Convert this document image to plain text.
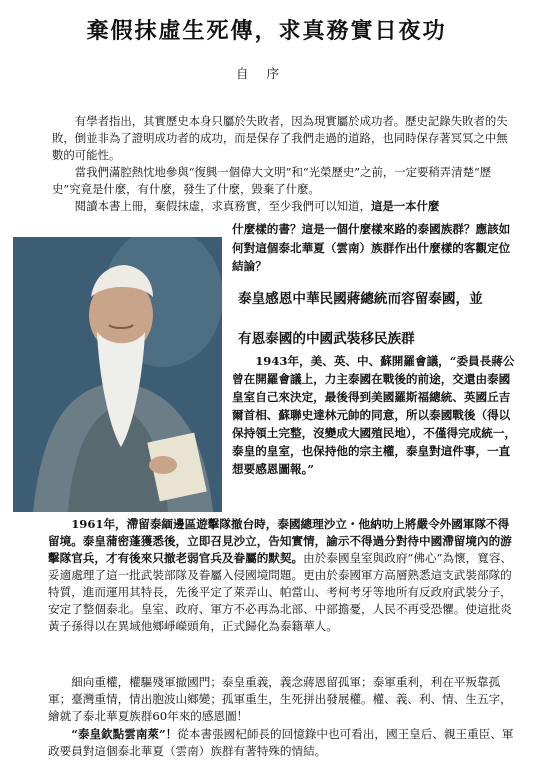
棄假抹虛生死傳，求真務實日夜功
自序

有學者指出，其實歷史本身只屬於失敗者，因為現實屬於成功者。歷史記錄失敗者的失敗，倒並非為了證明成功者的成功，而是保存了我們走過的道路，也同時保存著冥冥之中無數的可能性。

當我們滿腔熱忱地參與“復興一個偉大文明”和“光榮歷史”之前，一定要稍弄清楚“歷史”究竟是什麼，有什麼，發生了什麼，毀棄了什麼。

閱讀本書上冊，棄假抹虛，求真務實，至少我們可以知道，這是一本什麼

什麼樣的書？這是一個什麼樣來路的泰國族群？應該如何對這個泰北華夏（雲南）族群作出什麼樣的客觀定位結論？

泰皇感恩中華民國蔣總統而容留泰國，並
有恩泰國的中國武裝移民族群

1943年，美、英、中、蘇開羅會議，“委員長蔣公曾在開羅會議上，力主泰國在戰後的前途，交還由泰國皇室自己來決定，最後得到美國羅斯福總統、英國丘吉爾首相、蘇聯史達林元帥的同意，所以泰國戰後（得以保持領土完整，沒變成大國殖民地），不僅得完成統一，泰皇的皇室，也保持他的宗主權，泰皇對這件事，一直想要感恩圖報。”

1961年，滯留泰緬邊區遊擊隊撤台時，泰國總理沙立・他納叻上將嚴令外國軍隊不得留境。泰皇蒲密蓬獲悉後，立即召見沙立，告知實情，諭示不得過分對待中國滯留境內的游擊隊官兵，才有後來只撤老弱官兵及眷屬的默契。由於泰國皇室與政府“佛心”為懷，寬容、妥適處理了這一批武裝部隊及眷屬入侵國境問題。更由於泰國軍方高層熟悉這支武裝部隊的特質，進而運用其特長，先後平定了萊弄山、帕當山、考柯考牙等地所有反政府武裝分子，安定了整個泰北。皇室、政府、軍方不必再為北部、中部擔憂，人民不再受恐懼。使這批炎黃子孫得以在異域他鄉崢嶸頭角，正式歸化為泰籍華人。

細向重權，權驅殘軍撤國門；泰皇重義，義念蔣恩留孤軍；泰軍重利，利在平叛靠孤軍；臺灣重情，情出胞波山鄉變；孤軍重生，生死拼出發展權。權、義、利、情、生五字，繪就了泰北華夏族群60年來的感恩圖！

“泰皇欽點雲南萊”！從本書張國杞師長的回憶錄中也可看出，國王皇后、親王重臣、軍政要員對這個泰北華夏（雲南）族群有著特殊的情結。
